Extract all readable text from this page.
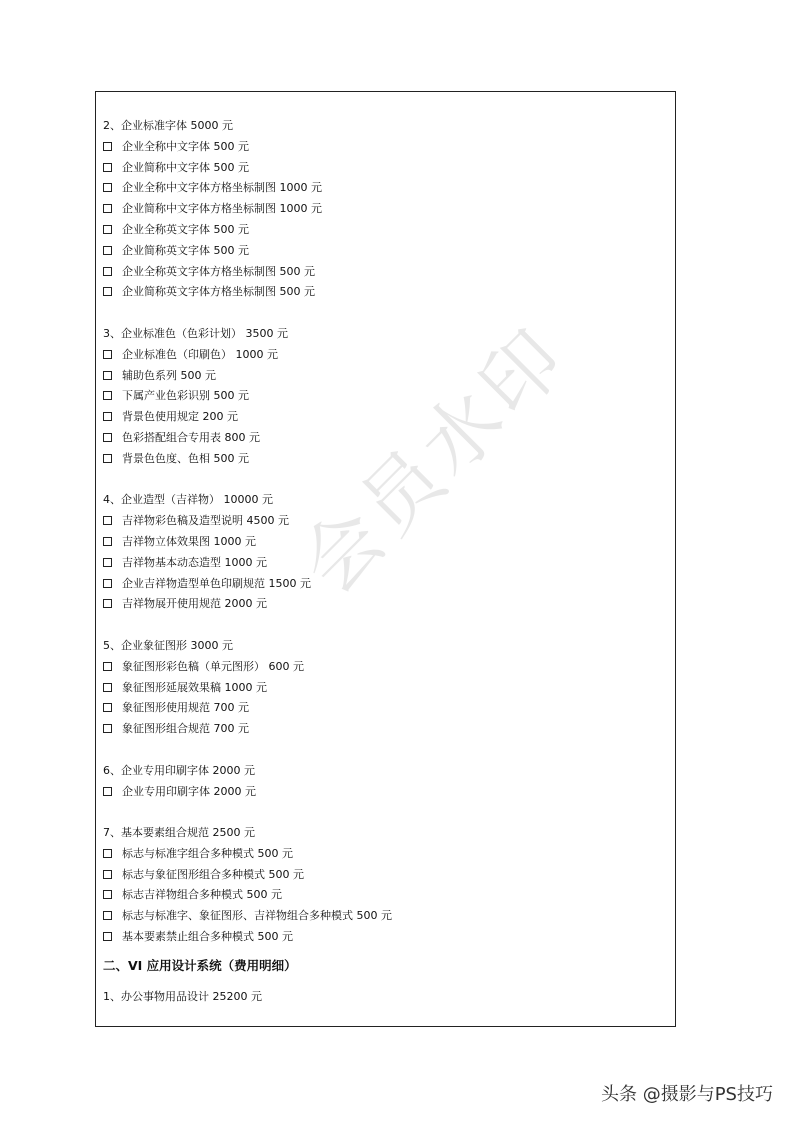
2、企业标准字体 5000 元
企业全称中文字体 500 元
企业简称中文字体 500 元
企业全称中文字体方格坐标制图 1000 元
企业简称中文字体方格坐标制图 1000 元
企业全称英文字体 500 元
企业简称英文字体 500 元
企业全称英文字体方格坐标制图 500 元
企业简称英文字体方格坐标制图 500 元
3、企业标准色（色彩计划） 3500 元
企业标准色（印刷色） 1000 元
辅助色系列 500 元
下属产业色彩识别 500 元
背景色使用规定 200 元
色彩搭配组合专用表 800 元
背景色色度、色相 500 元
4、企业造型（吉祥物） 10000 元
吉祥物彩色稿及造型说明 4500 元
吉祥物立体效果图 1000 元
吉祥物基本动态造型 1000 元
企业吉祥物造型单色印刷规范 1500 元
吉祥物展开使用规范 2000 元
5、企业象征图形 3000 元
象征图形彩色稿（单元图形） 600 元
象征图形延展效果稿 1000 元
象征图形使用规范 700 元
象征图形组合规范 700 元
6、企业专用印刷字体 2000 元
企业专用印刷字体 2000 元
7、基本要素组合规范 2500 元
标志与标准字组合多种模式 500 元
标志与象征图形组合多种模式 500 元
标志吉祥物组合多种模式 500 元
标志与标准字、象征图形、吉祥物组合多种模式 500 元
基本要素禁止组合多种模式 500 元
二、VI 应用设计系统（费用明细）
1、办公事物用品设计 25200 元
会员水印
头条 @摄影与PS技巧
